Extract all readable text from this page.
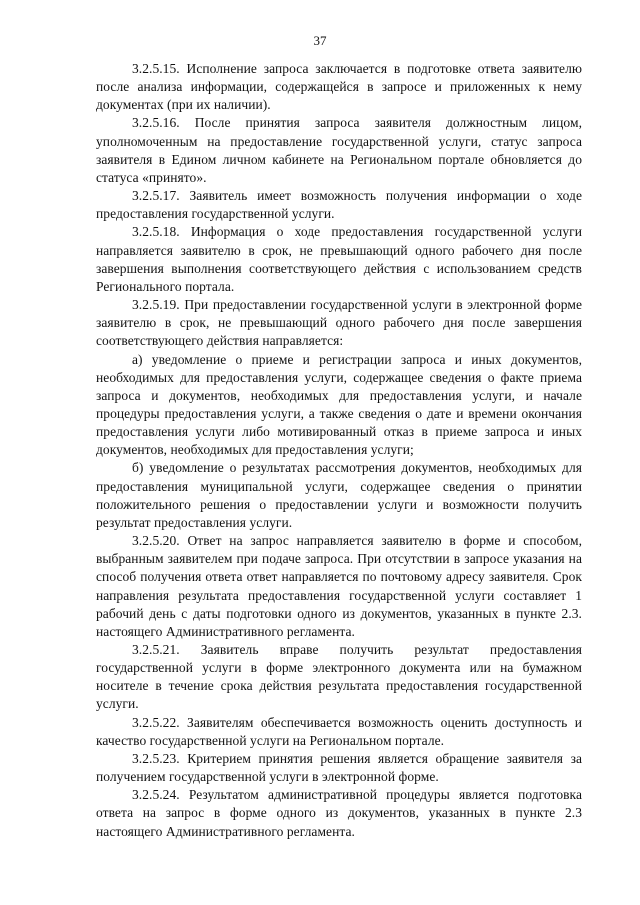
37

3.2.5.15. Исполнение запроса заключается в подготовке ответа заявителю после анализа информации, содержащейся в запросе и приложенных к нему документах (при их наличии).

3.2.5.16. После принятия запроса заявителя должностным лицом, уполномоченным на предоставление государственной услуги, статус запроса заявителя в Едином личном кабинете на Региональном портале обновляется до статуса «принято».

3.2.5.17. Заявитель имеет возможность получения информации о ходе предоставления государственной услуги.

3.2.5.18. Информация о ходе предоставления государственной услуги направляется заявителю в срок, не превышающий одного рабочего дня после завершения выполнения соответствующего действия с использованием средств Регионального портала.

3.2.5.19. При предоставлении государственной услуги в электронной форме заявителю в срок, не превышающий одного рабочего дня после завершения соответствующего действия направляется:

а) уведомление о приеме и регистрации запроса и иных документов, необходимых для предоставления услуги, содержащее сведения о факте приема запроса и документов, необходимых для предоставления услуги, и начале процедуры предоставления услуги, а также сведения о дате и времени окончания предоставления услуги либо мотивированный отказ в приеме запроса и иных документов, необходимых для предоставления услуги;

б) уведомление о результатах рассмотрения документов, необходимых для предоставления муниципальной услуги, содержащее сведения о принятии положительного решения о предоставлении услуги и возможности получить результат предоставления услуги.

3.2.5.20. Ответ на запрос направляется заявителю в форме и способом, выбранным заявителем при подаче запроса. При отсутствии в запросе указания на способ получения ответа ответ направляется по почтовому адресу заявителя. Срок направления результата предоставления государственной услуги составляет 1 рабочий день с даты подготовки одного из документов, указанных в пункте 2.3. настоящего Административного регламента.

3.2.5.21. Заявитель вправе получить результат предоставления государственной услуги в форме электронного документа или на бумажном носителе в течение срока действия результата предоставления государственной услуги.

3.2.5.22. Заявителям обеспечивается возможность оценить доступность и качество государственной услуги на Региональном портале.

3.2.5.23. Критерием принятия решения является обращение заявителя за получением государственной услуги в электронной форме.

3.2.5.24. Результатом административной процедуры является подготовка ответа на запрос в форме одного из документов, указанных в пункте 2.3 настоящего Административного регламента.
